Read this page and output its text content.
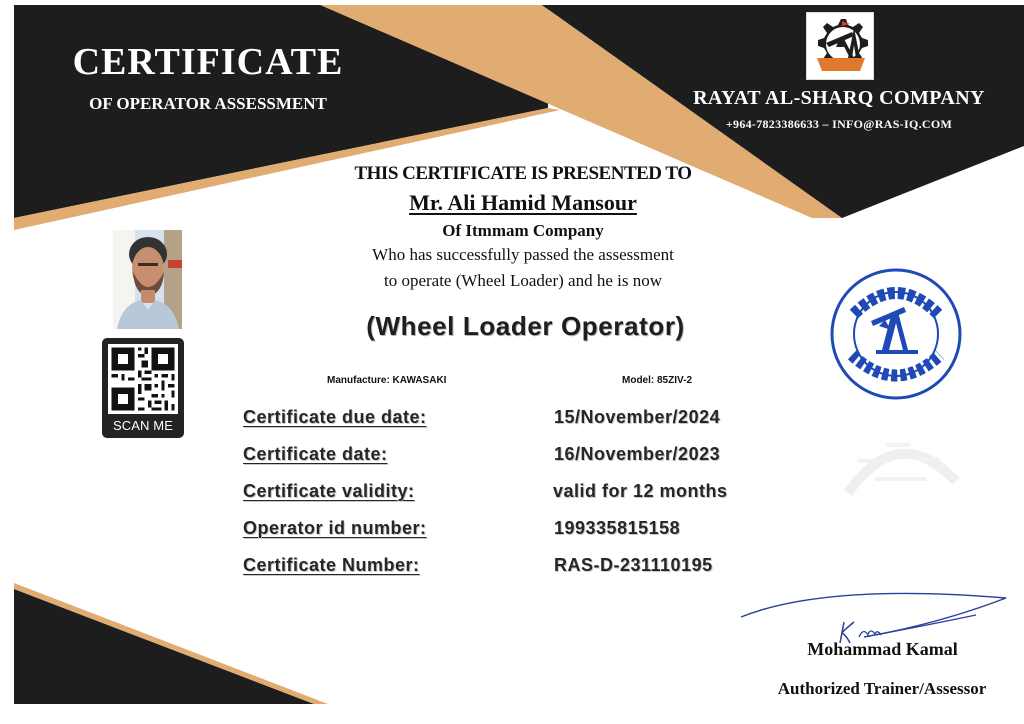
CERTIFICATE
OF OPERATOR ASSESSMENT	RAYAT AL-SHARQ COMPANY
+964-7823386633 – INFO@RAS-IQ.COM
THIS CERTIFICATE IS PRESENTED TO
Mr. Ali Hamid Mansour
Of Itmmam Company
Who has successfully passed the assessment
to operate (Wheel Loader) and he is now
(Wheel Loader Operator)
Manufacture: KAWASAKI	Model: 85ZIV-2
Certificate due date:	15/November/2024
Certificate date:	16/November/2023
Certificate validity:	valid for 12 months
Operator id number:	199335815158
Certificate Number:	RAS-D-231110195
SCAN ME
Mohammad Kamal
Authorized Trainer/Assessor
